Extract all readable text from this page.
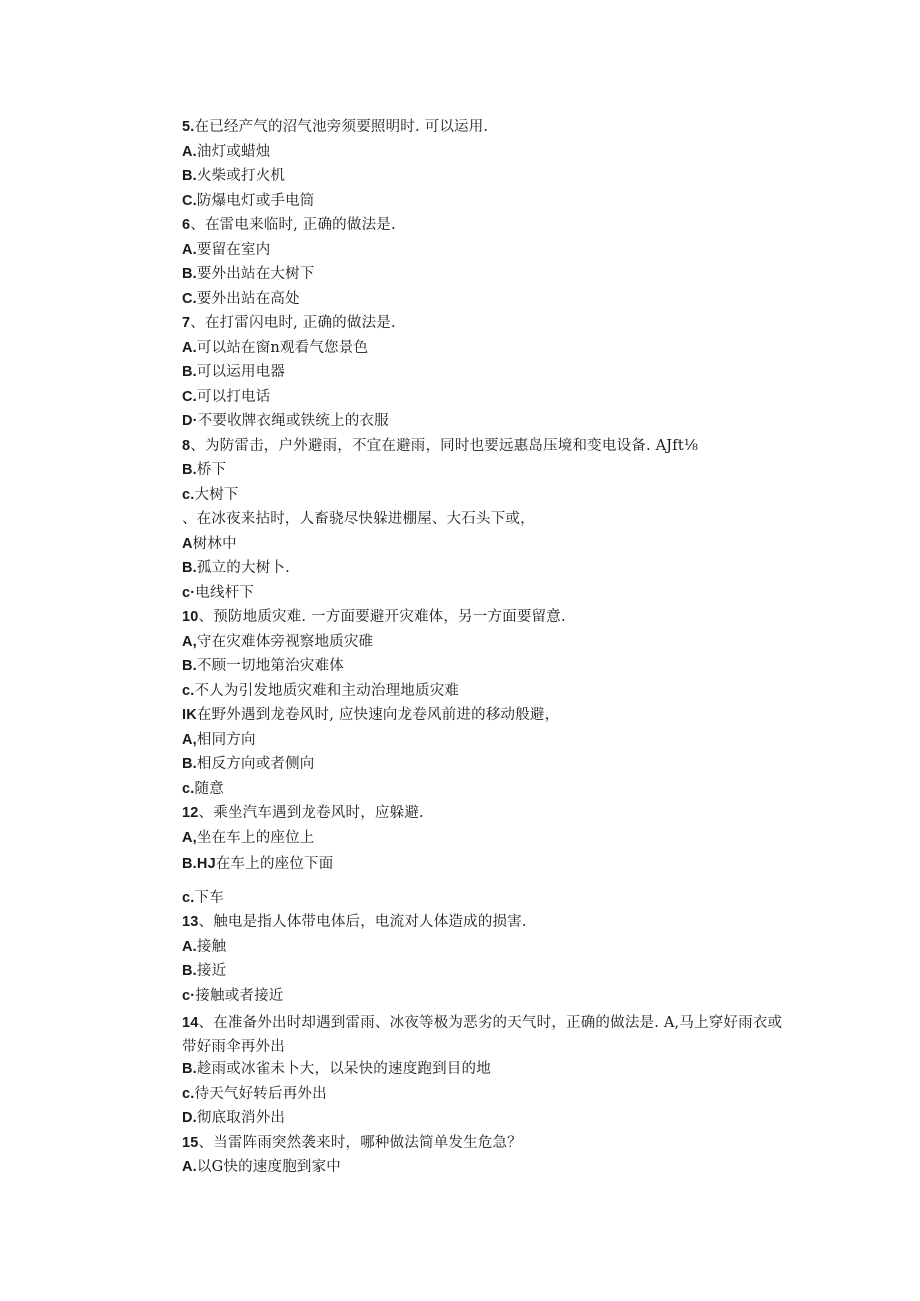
5.在已经产气的沼气池旁须要照明时. 可以运用.
A.油灯或蜡烛
B.火柴或打火机
C.防爆电灯或手电筒
6、在雷电来临时, 正确的做法是.
A.要留在室内
B.要外出站在大树下
C.要外出站在高处
7、在打雷闪电时, 正确的做法是.
A.可以站在窗n观看气您景色
B.可以运用电器
C.可以打电话
D·不要收牌衣绳或铁统上的衣服
8、为防雷击，户外避雨，不宜在避雨，同时也要远惠岛压境和变电设备. AJft⅛
B.桥下
c.大树下
、在冰夜来拈时，人畜骁尽快躲进棚屋、大石头下或，
A树林中
B.孤立的大树卜.
c·电线杆下
10、预防地质灾难. 一方面要避开灾难体，另一方面要留意.
A,守在灾难体旁视察地质灾碓
B.不顾一切地第治灾难体
c.不人为引发地质灾难和主动治理地质灾难
IK在野外遇到龙卷风时, 应快速向龙卷风前进的移动般避，
A,相同方向
B.相反方向或者侧向
c.随意
12、乘坐汽车遇到龙卷风时，应躲避.
A,坐在车上的座位上
B.HJ在车上的座位下面
c.下车
13、触电是指人体带电体后，电流对人体造成的损害.
A.接触
B.接近
c·接触或者接近
14、在准备外出时却遇到雷雨、冰夜等极为恶劣的天气时，正确的做法是. A,马上穿好雨衣或带好雨伞再外出
B.趁雨或冰雀未卜大，以呆快的速度跑到目的地
c.待天气好转后再外出
D.彻底取消外出
15、当雷阵雨突然袭来时，哪种做法简单发生危急？
A.以G快的速度胞到家中
